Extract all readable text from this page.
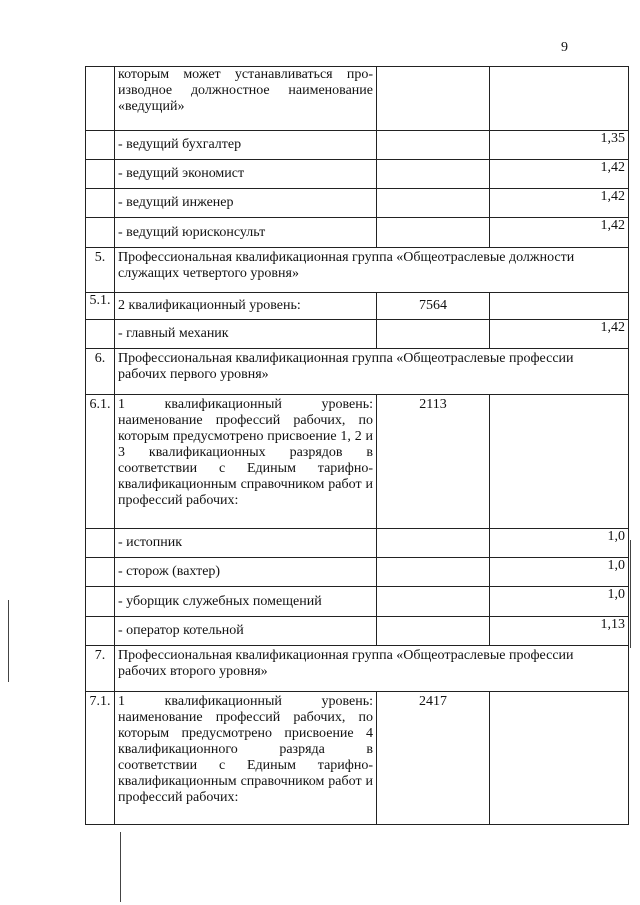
9
	которым может устанавливаться про-изводное должностное наименование «ведущий»		
	- ведущий бухгалтер		1,35
	- ведущий экономист		1,42
	- ведущий инженер		1,42
	- ведущий юрисконсульт		1,42
5.	Профессиональная квалификационная группа «Общеотраслевые должности служащих четвертого уровня»		
5.1.	2 квалификационный уровень:	7564	
	- главный механик		1,42
6.	Профессиональная квалификационная группа «Общеотраслевые профессии рабочих первого уровня»		
6.1.	1 квалификационный уровень: наименование профессий рабочих, по которым предусмотрено присвоение 1, 2 и 3 квалификационных разрядов в соответствии с Единым тарифно-квалификационным справочником работ и профессий рабочих:	2113	
	- истопник		1,0
	- сторож (вахтер)		1,0
	- уборщик служебных помещений		1,0
	- оператор котельной		1,13
7.	Профессиональная квалификационная группа «Общеотраслевые профессии рабочих второго уровня»		
7.1.	1 квалификационный уровень: наименование профессий рабочих, по которым предусмотрено присвоение 4 квалификационного разряда в соответствии с Единым тарифно-квалификационным справочником работ и профессий рабочих:	2417	
